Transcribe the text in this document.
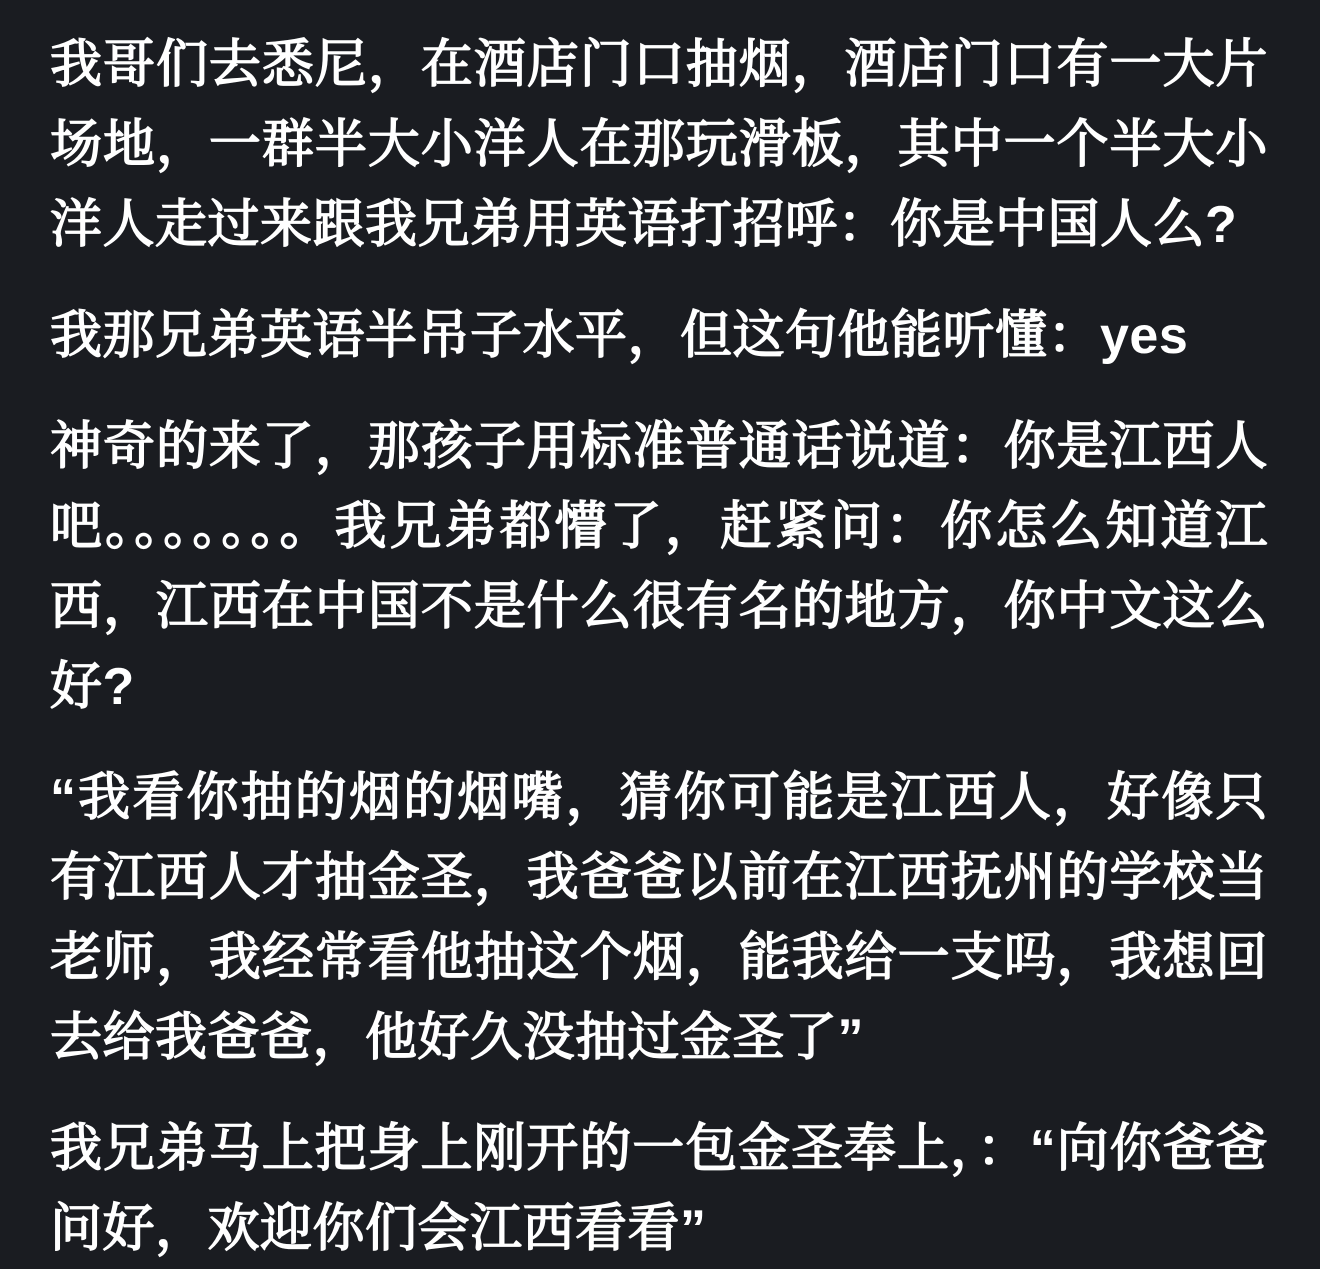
我哥们去悉尼，在酒店门口抽烟，酒店门口有一大片场地，一群半大小洋人在那玩滑板，其中一个半大小洋人走过来跟我兄弟用英语打招呼：你是中国人么?

我那兄弟英语半吊子水平，但这句他能听懂：yes

神奇的来了，那孩子用标准普通话说道：你是江西人吧。。。。。。。我兄弟都懵了，赶紧问：你怎么知道江西，江西在中国不是什么很有名的地方，你中文这么好?

“我看你抽的烟的烟嘴，猜你可能是江西人，好像只有江西人才抽金圣，我爸爸以前在江西抚州的学校当老师，我经常看他抽这个烟，能我给一支吗，我想回去给我爸爸，他好久没抽过金圣了”

我兄弟马上把身上刚开的一包金圣奉上，：“向你爸爸问好，欢迎你们会江西看看”
